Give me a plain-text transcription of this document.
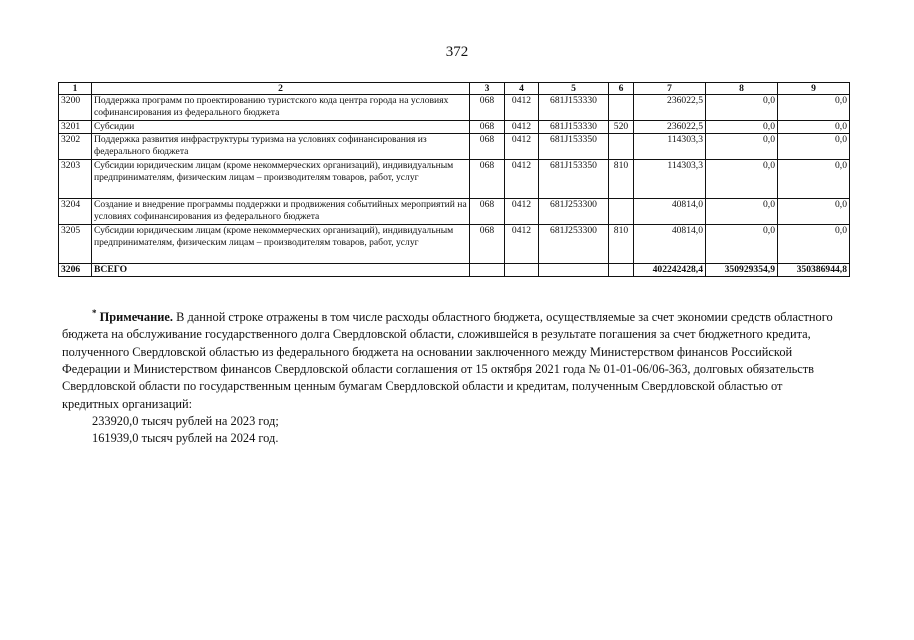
372
1	2	3	4	5	6	7	8	9
3200	Поддержка программ по проектированию туристского кода центра города на условиях софинансирования из федерального бюджета	068	0412	681J153330		236022,5	0,0	0,0
3201	Субсидии	068	0412	681J153330	520	236022,5	0,0	0,0
3202	Поддержка развития инфраструктуры туризма на условиях софинансирования из федерального бюджета	068	0412	681J153350		114303,3	0,0	0,0
3203	Субсидии юридическим лицам (кроме некоммерческих организаций), индивидуальным предпринимателям, физическим лицам – производителям товаров, работ, услуг	068	0412	681J153350	810	114303,3	0,0	0,0
3204	Создание и внедрение программы поддержки и продвижения событийных мероприятий на условиях софинансирования из федерального бюджета	068	0412	681J253300		40814,0	0,0	0,0
3205	Субсидии юридическим лицам (кроме некоммерческих организаций), индивидуальным предпринимателям, физическим лицам – производителям товаров, работ, услуг	068	0412	681J253300	810	40814,0	0,0	0,0
3206	ВСЕГО					402242428,4	350929354,9	350386944,8

* Примечание. В данной строке отражены в том числе расходы областного бюджета, осуществляемые за счет экономии средств областного бюджета на обслуживание государственного долга Свердловской области, сложившейся в результате погашения за счет бюджетного кредита, полученного Свердловской областью из федерального бюджета на основании заключенного между Министерством финансов Российской Федерации и Министерством финансов Свердловской области соглашения от 15 октября 2021 года № 01-01-06/06-363, долговых обязательств Свердловской области по государственным ценным бумагам Свердловской области и кредитам, полученным Свердловской областью от кредитных организаций:

233920,0 тысяч рублей на 2023 год;

161939,0 тысяч рублей на 2024 год.
